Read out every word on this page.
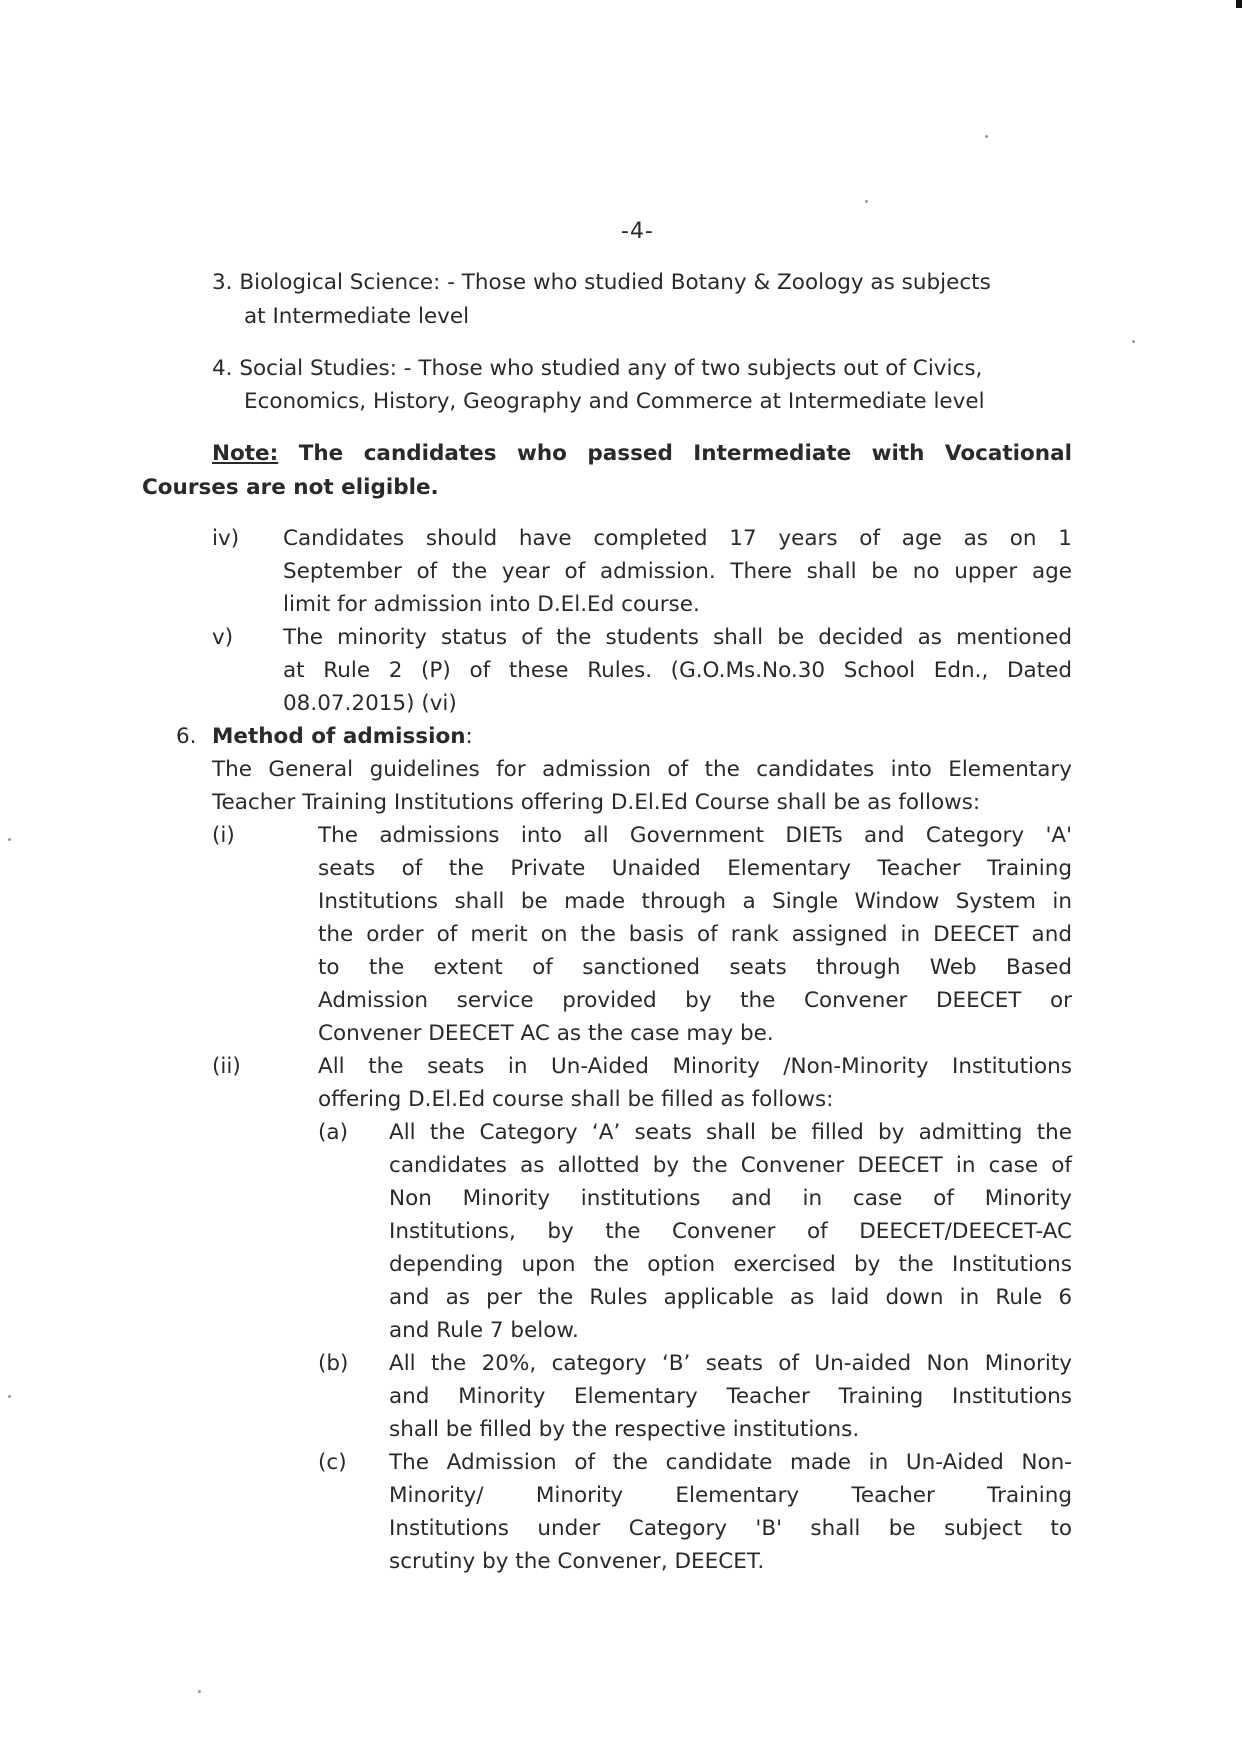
-4-
3. Biological Science: - Those who studied Botany & Zoology as subjects
at Intermediate level
4. Social Studies: - Those who studied any of two subjects out of Civics,
Economics, History, Geography and Commerce at Intermediate level
Note: The candidates who passed Intermediate with Vocational
Courses are not eligible.
iv) Candidates should have completed 17 years of age as on 1
September of the year of admission. There shall be no upper age
limit for admission into D.El.Ed course.
v) The minority status of the students shall be decided as mentioned
at Rule 2 (P) of these Rules. (G.O.Ms.No.30 School Edn., Dated
08.07.2015) (vi)
6. Method of admission:
The General guidelines for admission of the candidates into Elementary
Teacher Training Institutions offering D.El.Ed Course shall be as follows:
(i)	The admissions into all Government DIETs and Category 'A'
seats of the Private Unaided Elementary Teacher Training
Institutions shall be made through a Single Window System in
the order of merit on the basis of rank assigned in DEECET and
to the extent of sanctioned seats through Web Based
Admission service provided by the Convener DEECET or
Convener DEECET AC as the case may be.
(ii)	All the seats in Un-Aided Minority /Non-Minority Institutions
offering D.El.Ed course shall be filled as follows:
(a) All the Category ‘A’ seats shall be filled by admitting the
candidates as allotted by the Convener DEECET in case of
Non Minority institutions and in case of Minority
Institutions, by the Convener of DEECET/DEECET-AC
depending upon the option exercised by the Institutions
and as per the Rules applicable as laid down in Rule 6
and Rule 7 below.
(b) All the 20%, category ‘B’ seats of Un-aided Non Minority
and Minority Elementary Teacher Training Institutions
shall be filled by the respective institutions.
(c) The Admission of the candidate made in Un-Aided Non-
Minority/ Minority Elementary Teacher Training
Institutions under Category 'B' shall be subject to
scrutiny by the Convener, DEECET.
